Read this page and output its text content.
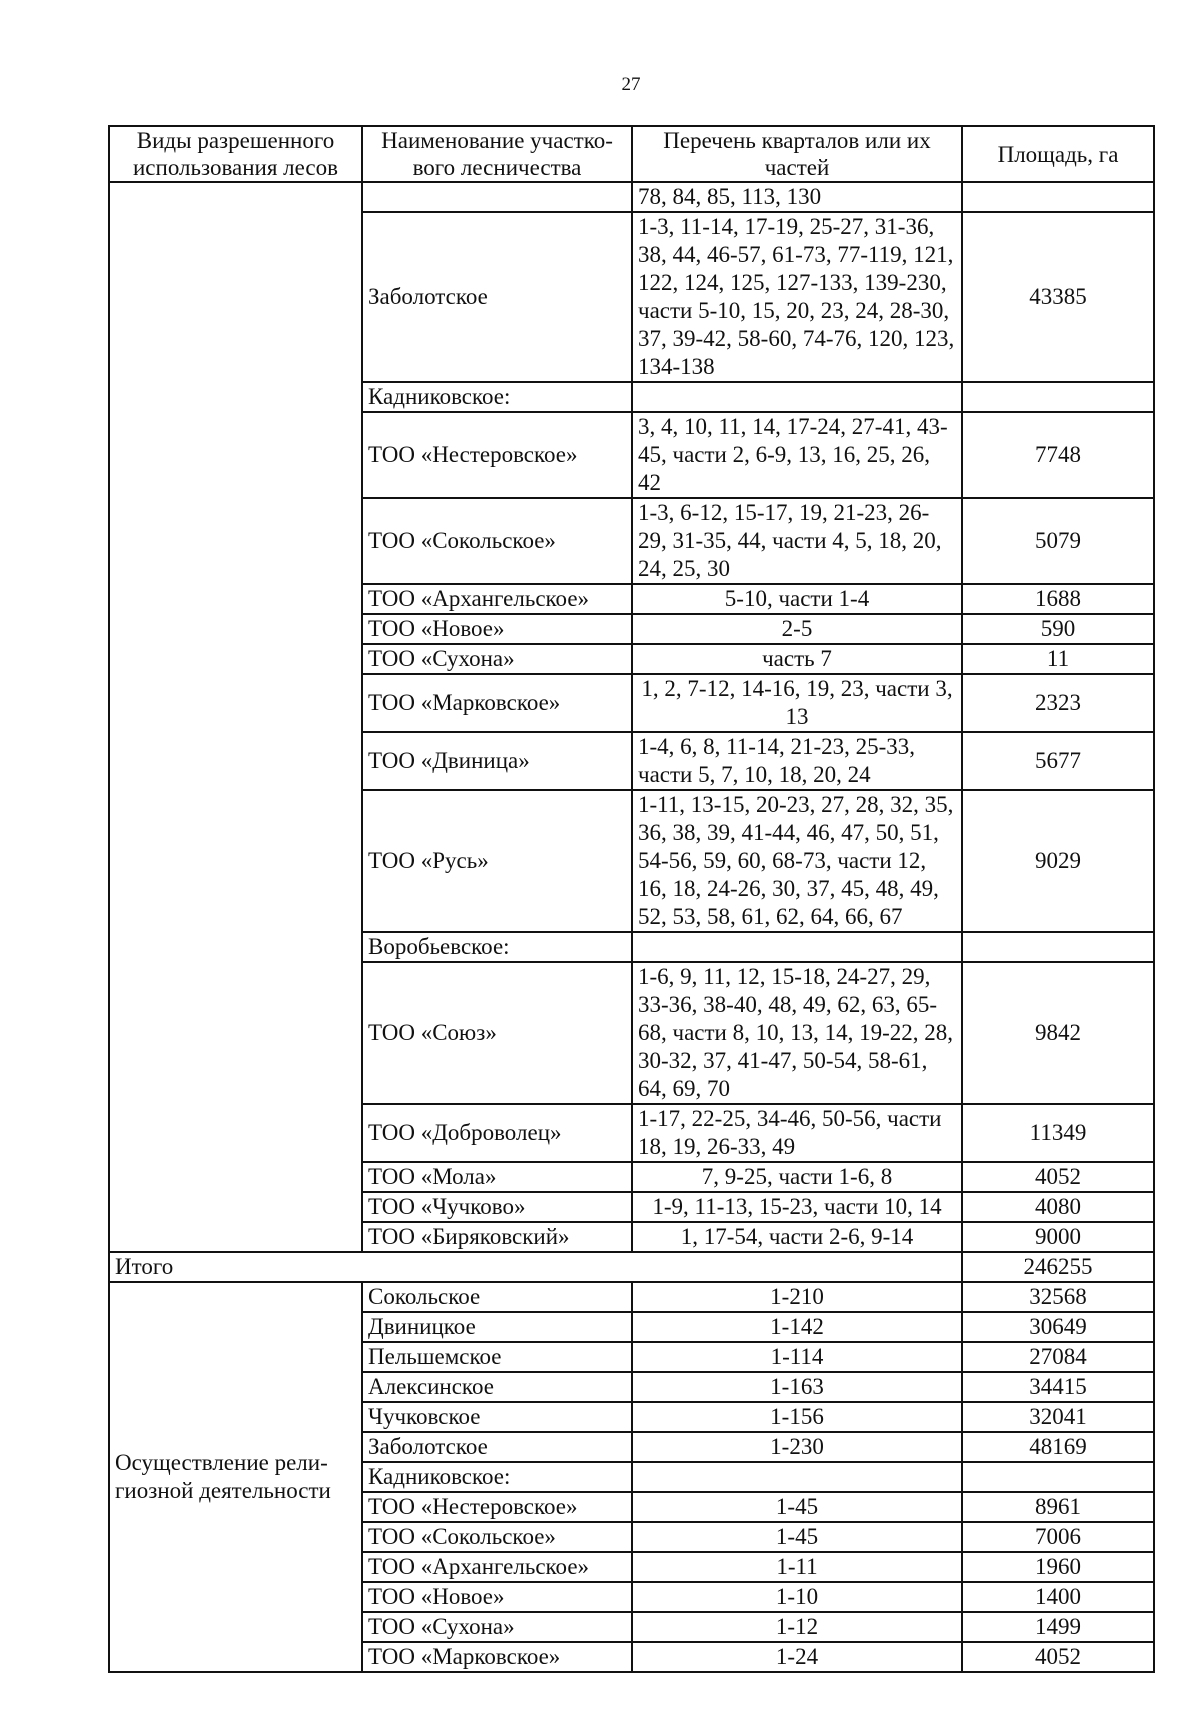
27
Виды разрешенного использования лесов	Наименование участко-вого лесничества	Перечень кварталов или их частей	Площадь, га
		78, 84, 85, 113, 130	
	Заболотское	1-3, 11-14, 17-19, 25-27, 31-36, 38, 44, 46-57, 61-73, 77-119, 121, 122, 124, 125, 127-133, 139-230, части 5-10, 15, 20, 23, 24, 28-30, 37, 39-42, 58-60, 74-76, 120, 123, 134-138	43385
	Кадниковское:		
	ТОО «Нестеровское»	3, 4, 10, 11, 14, 17-24, 27-41, 43-45, части 2, 6-9, 13, 16, 25, 26, 42	7748
	ТОО «Сокольское»	1-3, 6-12, 15-17, 19, 21-23, 26-29, 31-35, 44, части 4, 5, 18, 20, 24, 25, 30	5079
	ТОО «Архангельское»	5-10, части 1-4	1688
	ТОО «Новое»	2-5	590
	ТОО «Сухона»	часть 7	11
	ТОО «Марковское»	1, 2, 7-12, 14-16, 19, 23, части 3, 13	2323
	ТОО «Двиница»	1-4, 6, 8, 11-14, 21-23, 25-33, части 5, 7, 10, 18, 20, 24	5677
	ТОО «Русь»	1-11, 13-15, 20-23, 27, 28, 32, 35, 36, 38, 39, 41-44, 46, 47, 50, 51, 54-56, 59, 60, 68-73, части 12, 16, 18, 24-26, 30, 37, 45, 48, 49, 52, 53, 58, 61, 62, 64, 66, 67	9029
	Воробьевское:		
	ТОО «Союз»	1-6, 9, 11, 12, 15-18, 24-27, 29, 33-36, 38-40, 48, 49, 62, 63, 65-68, части 8, 10, 13, 14, 19-22, 28, 30-32, 37, 41-47, 50-54, 58-61, 64, 69, 70	9842
	ТОО «Доброволец»	1-17, 22-25, 34-46, 50-56, части 18, 19, 26-33, 49	11349
	ТОО «Мола»	7, 9-25, части 1-6, 8	4052
	ТОО «Чучково»	1-9, 11-13, 15-23, части 10, 14	4080
	ТОО «Биряковский»	1, 17-54, части 2-6, 9-14	9000
Итого			246255
Осуществление рели-гиозной деятельности	Сокольское	1-210	32568
	Двиницкое	1-142	30649
	Пельшемское	1-114	27084
	Алексинское	1-163	34415
	Чучковское	1-156	32041
	Заболотское	1-230	48169
	Кадниковское:		
	ТОО «Нестеровское»	1-45	8961
	ТОО «Сокольское»	1-45	7006
	ТОО «Архангельское»	1-11	1960
	ТОО «Новое»	1-10	1400
	ТОО «Сухона»	1-12	1499
	ТОО «Марковское»	1-24	4052
